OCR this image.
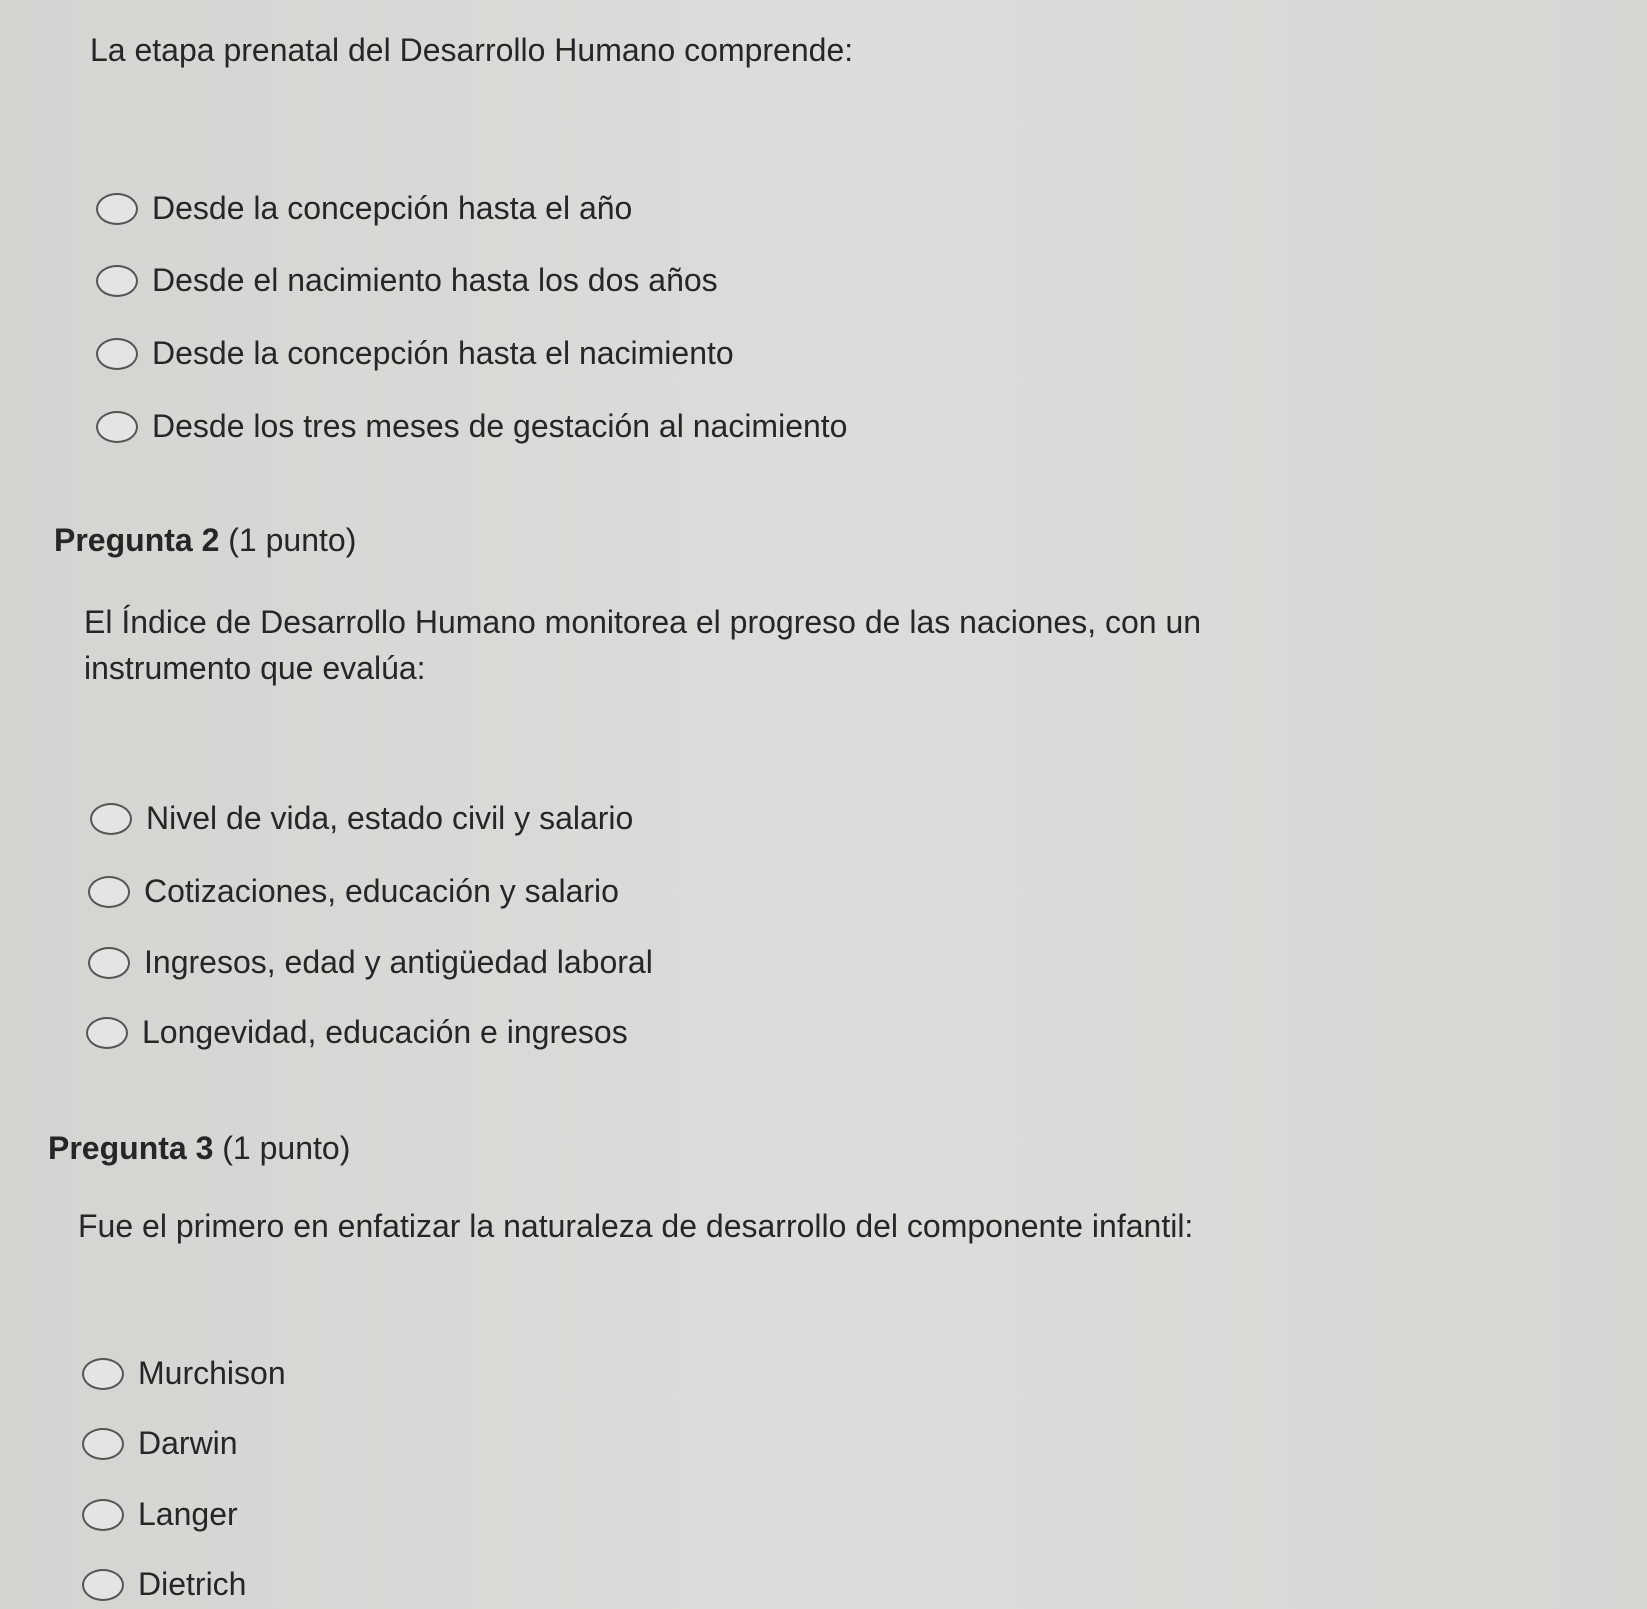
La etapa prenatal del Desarrollo Humano comprende:
Desde la concepción hasta el año
Desde el nacimiento hasta los dos años
Desde la concepción hasta el nacimiento
Desde los tres meses de gestación al nacimiento
Pregunta 2 (1 punto)
El Índice de Desarrollo Humano monitorea el progreso de las naciones, con un
instrumento que evalúa:
Nivel de vida, estado civil y salario
Cotizaciones, educación y salario
Ingresos, edad y antigüedad laboral
Longevidad, educación e ingresos
Pregunta 3 (1 punto)
Fue el primero en enfatizar la naturaleza de desarrollo del componente infantil:
Murchison
Darwin
Langer
Dietrich
